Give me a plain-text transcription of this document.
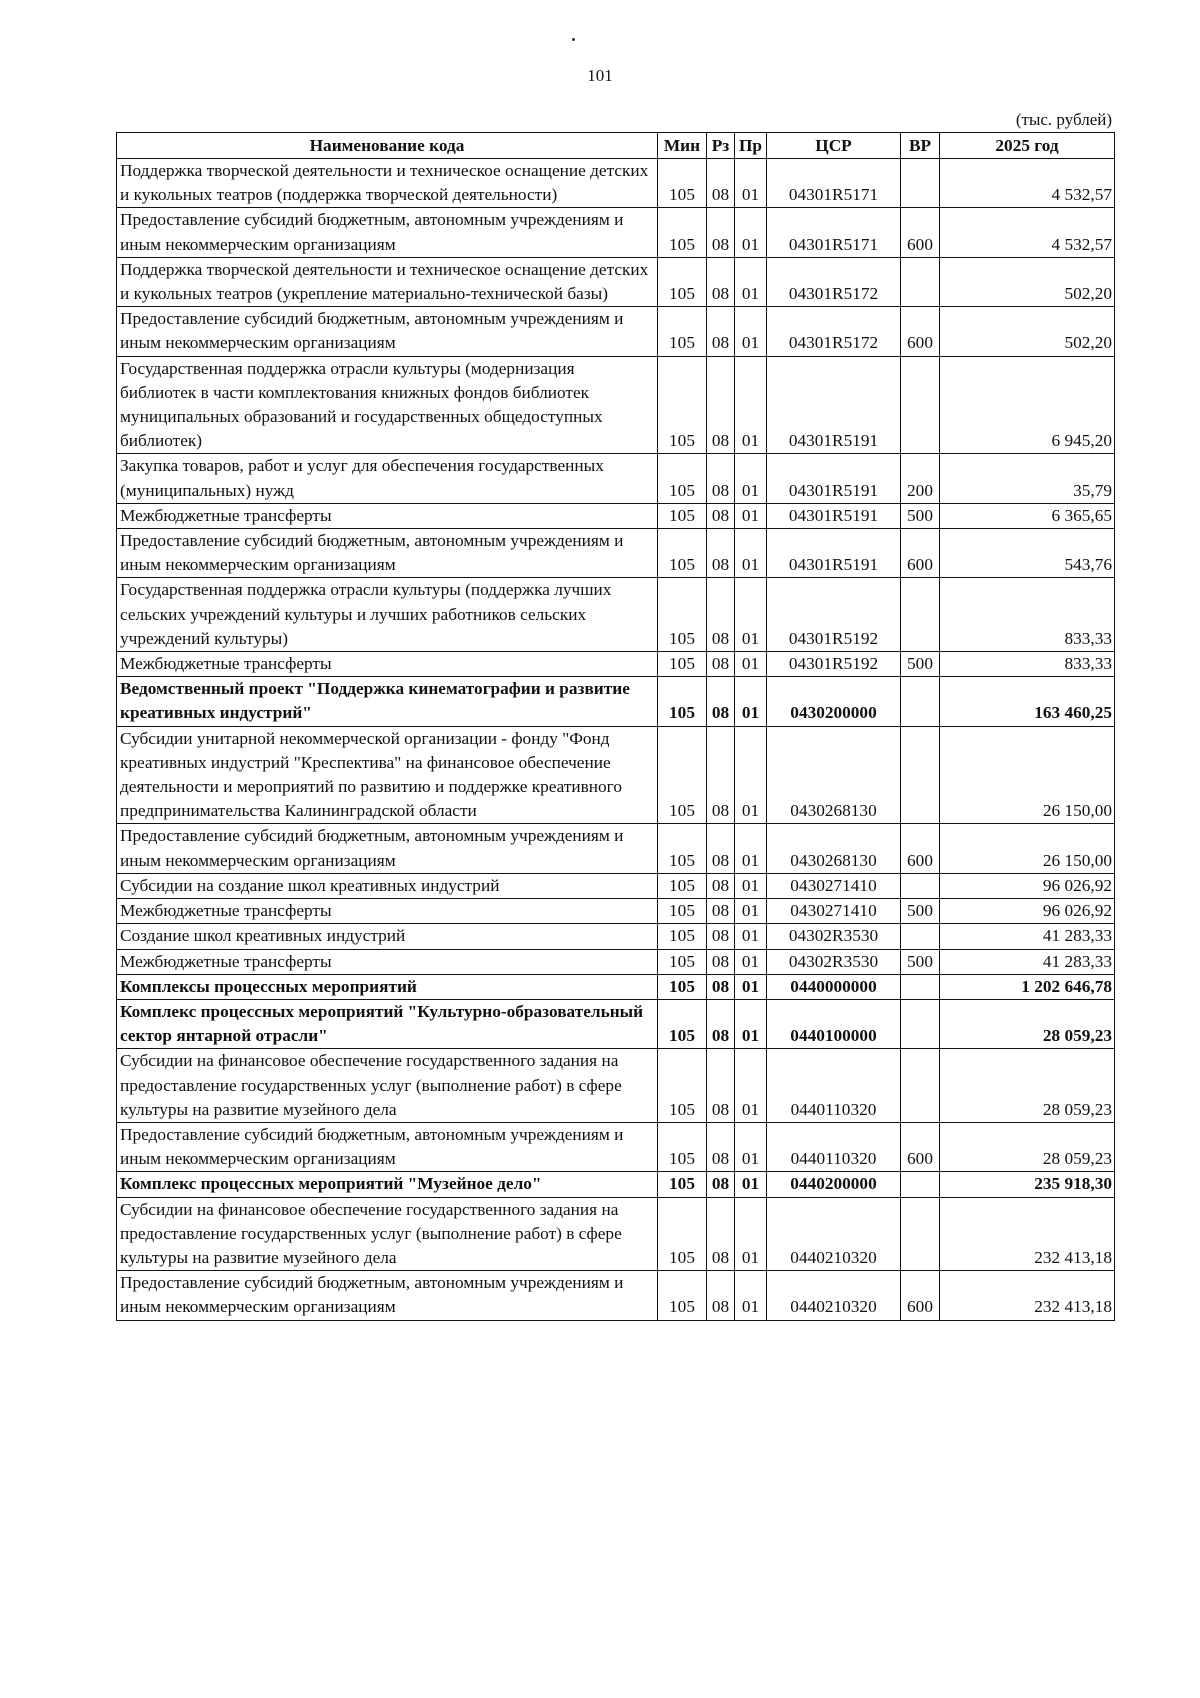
101
(тыс. рублей)
Наименование кода	Мин	Рз	Пр	ЦСР	ВР	2025 год
Поддержка творческой деятельности и техническое оснащение детских и кукольных театров (поддержка творческой деятельности)	105	08	01	04301R5171		4 532,57
Предоставление субсидий бюджетным, автономным учреждениям и иным некоммерческим организациям	105	08	01	04301R5171	600	4 532,57
Поддержка творческой деятельности и техническое оснащение детских и кукольных театров (укрепление материально-технической базы)	105	08	01	04301R5172		502,20
Предоставление субсидий бюджетным, автономным учреждениям и иным некоммерческим организациям	105	08	01	04301R5172	600	502,20
Государственная поддержка отрасли культуры (модернизация библиотек в части комплектования книжных фондов библиотек муниципальных образований и государственных общедоступных библиотек)	105	08	01	04301R5191		6 945,20
Закупка товаров, работ и услуг для обеспечения государственных (муниципальных) нужд	105	08	01	04301R5191	200	35,79
Межбюджетные трансферты	105	08	01	04301R5191	500	6 365,65
Предоставление субсидий бюджетным, автономным учреждениям и иным некоммерческим организациям	105	08	01	04301R5191	600	543,76
Государственная поддержка отрасли культуры (поддержка лучших сельских учреждений культуры и лучших работников сельских учреждений культуры)	105	08	01	04301R5192		833,33
Межбюджетные трансферты	105	08	01	04301R5192	500	833,33
Ведомственный проект "Поддержка кинематографии и развитие креативных индустрий"	105	08	01	0430200000		163 460,25
Субсидии унитарной некоммерческой организации - фонду "Фонд креативных индустрий "Креспектива" на финансовое обеспечение деятельности и мероприятий по развитию и поддержке креативного предпринимательства Калининградской области	105	08	01	0430268130		26 150,00
Предоставление субсидий бюджетным, автономным учреждениям и иным некоммерческим организациям	105	08	01	0430268130	600	26 150,00
Субсидии на создание школ креативных индустрий	105	08	01	0430271410		96 026,92
Межбюджетные трансферты	105	08	01	0430271410	500	96 026,92
Создание школ креативных индустрий	105	08	01	04302R3530		41 283,33
Межбюджетные трансферты	105	08	01	04302R3530	500	41 283,33
Комплексы процессных мероприятий	105	08	01	0440000000		1 202 646,78
Комплекс процессных мероприятий "Культурно-образовательный сектор янтарной отрасли"	105	08	01	0440100000		28 059,23
Субсидии на финансовое обеспечение государственного задания на предоставление государственных услуг (выполнение работ) в сфере культуры на развитие музейного дела	105	08	01	0440110320		28 059,23
Предоставление субсидий бюджетным, автономным учреждениям и иным некоммерческим организациям	105	08	01	0440110320	600	28 059,23
Комплекс процессных мероприятий "Музейное дело"	105	08	01	0440200000		235 918,30
Субсидии на финансовое обеспечение государственного задания на предоставление государственных услуг (выполнение работ) в сфере культуры на развитие музейного дела	105	08	01	0440210320		232 413,18
Предоставление субсидий бюджетным, автономным учреждениям и иным некоммерческим организациям	105	08	01	0440210320	600	232 413,18
